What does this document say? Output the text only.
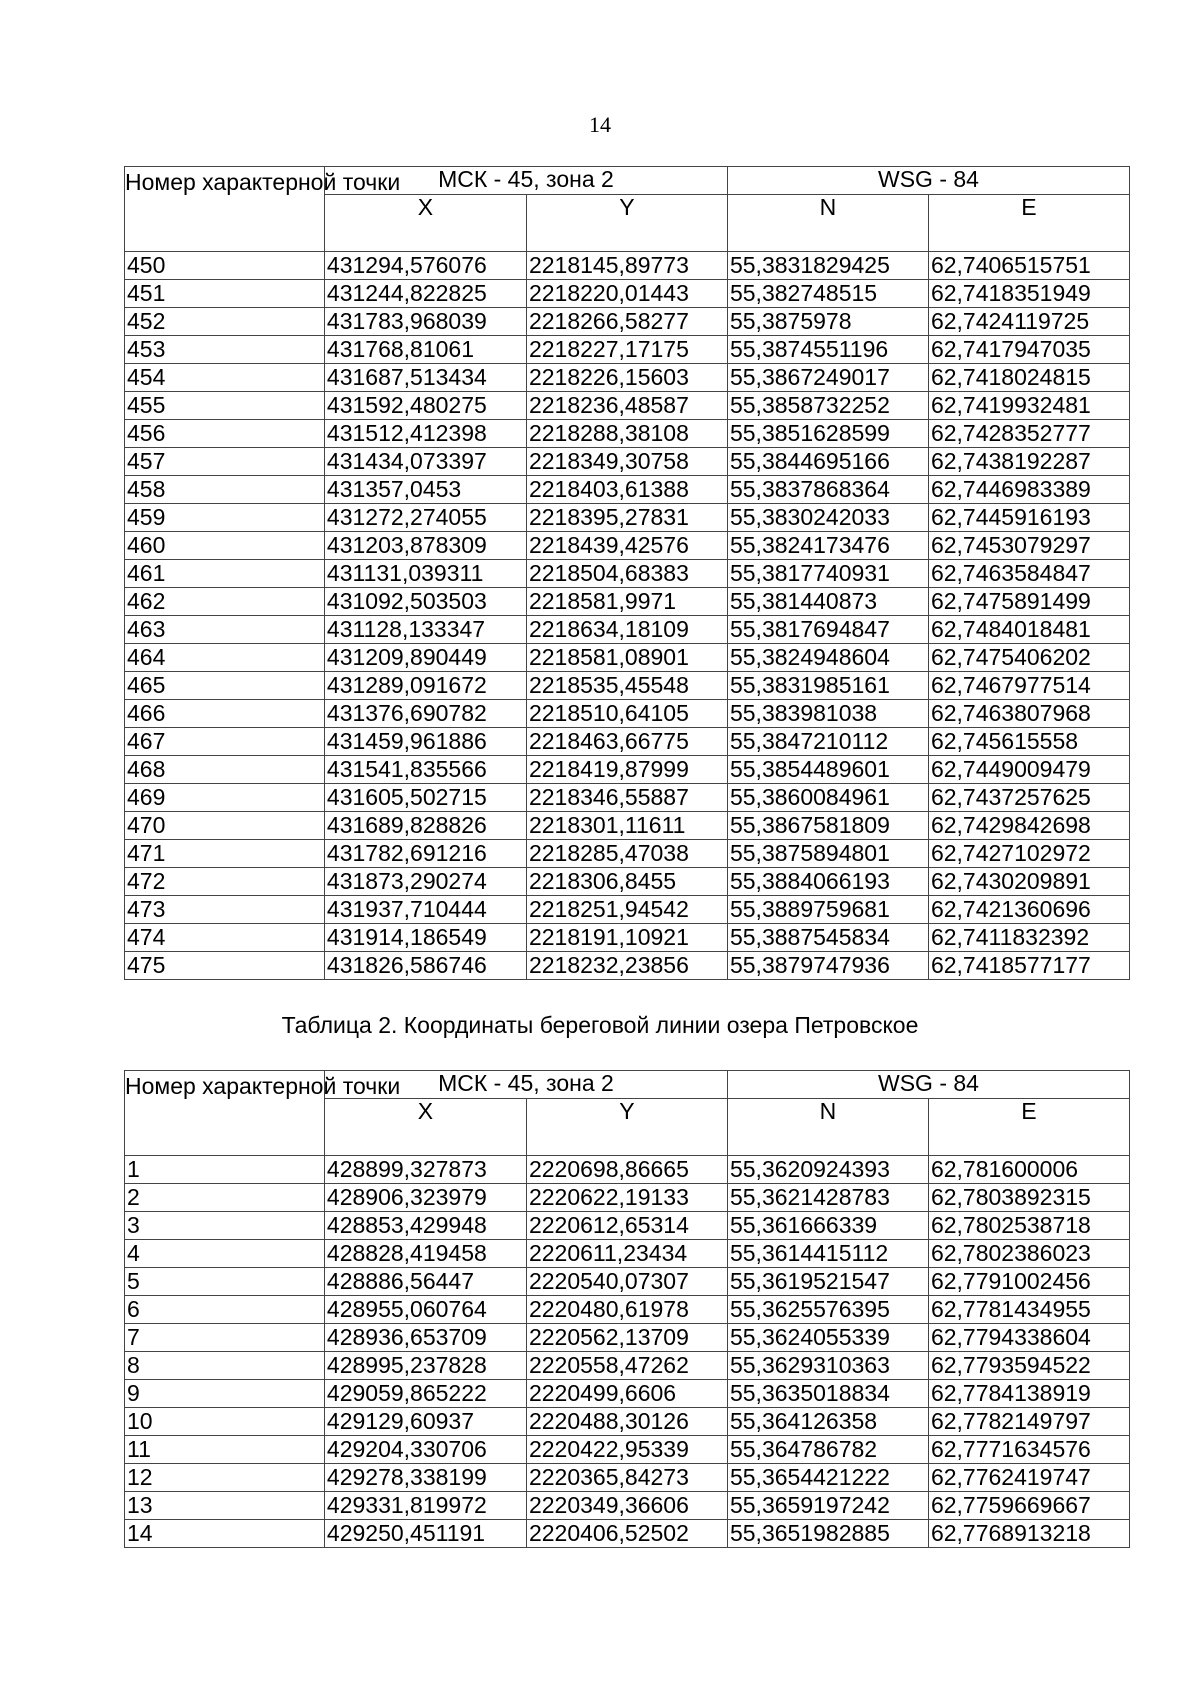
14
Номер характерной точки	МСК - 45, зона 2		WSG - 84	
	X	Y	N	E
450	431294,576076	2218145,89773	55,3831829425	62,7406515751
451	431244,822825	2218220,01443	55,382748515	62,7418351949
452	431783,968039	2218266,58277	55,3875978	62,7424119725
453	431768,81061	2218227,17175	55,3874551196	62,7417947035
454	431687,513434	2218226,15603	55,3867249017	62,7418024815
455	431592,480275	2218236,48587	55,3858732252	62,7419932481
456	431512,412398	2218288,38108	55,3851628599	62,7428352777
457	431434,073397	2218349,30758	55,3844695166	62,7438192287
458	431357,0453	2218403,61388	55,3837868364	62,7446983389
459	431272,274055	2218395,27831	55,3830242033	62,7445916193
460	431203,878309	2218439,42576	55,3824173476	62,7453079297
461	431131,039311	2218504,68383	55,3817740931	62,7463584847
462	431092,503503	2218581,9971	55,381440873	62,7475891499
463	431128,133347	2218634,18109	55,3817694847	62,7484018481
464	431209,890449	2218581,08901	55,3824948604	62,7475406202
465	431289,091672	2218535,45548	55,3831985161	62,7467977514
466	431376,690782	2218510,64105	55,383981038	62,7463807968
467	431459,961886	2218463,66775	55,3847210112	62,745615558
468	431541,835566	2218419,87999	55,3854489601	62,7449009479
469	431605,502715	2218346,55887	55,3860084961	62,7437257625
470	431689,828826	2218301,11611	55,3867581809	62,7429842698
471	431782,691216	2218285,47038	55,3875894801	62,7427102972
472	431873,290274	2218306,8455	55,3884066193	62,7430209891
473	431937,710444	2218251,94542	55,3889759681	62,7421360696
474	431914,186549	2218191,10921	55,3887545834	62,7411832392
475	431826,586746	2218232,23856	55,3879747936	62,7418577177
Таблица 2. Координаты береговой линии озера Петровское
Номер характерной точки	МСК - 45, зона 2		WSG - 84	
	X	Y	N	E
1	428899,327873	2220698,86665	55,3620924393	62,781600006
2	428906,323979	2220622,19133	55,3621428783	62,7803892315
3	428853,429948	2220612,65314	55,361666339	62,7802538718
4	428828,419458	2220611,23434	55,3614415112	62,7802386023
5	428886,56447	2220540,07307	55,3619521547	62,7791002456
6	428955,060764	2220480,61978	55,3625576395	62,7781434955
7	428936,653709	2220562,13709	55,3624055339	62,7794338604
8	428995,237828	2220558,47262	55,3629310363	62,7793594522
9	429059,865222	2220499,6606	55,3635018834	62,7784138919
10	429129,60937	2220488,30126	55,364126358	62,7782149797
11	429204,330706	2220422,95339	55,364786782	62,7771634576
12	429278,338199	2220365,84273	55,3654421222	62,7762419747
13	429331,819972	2220349,36606	55,3659197242	62,7759669667
14	429250,451191	2220406,52502	55,3651982885	62,7768913218
